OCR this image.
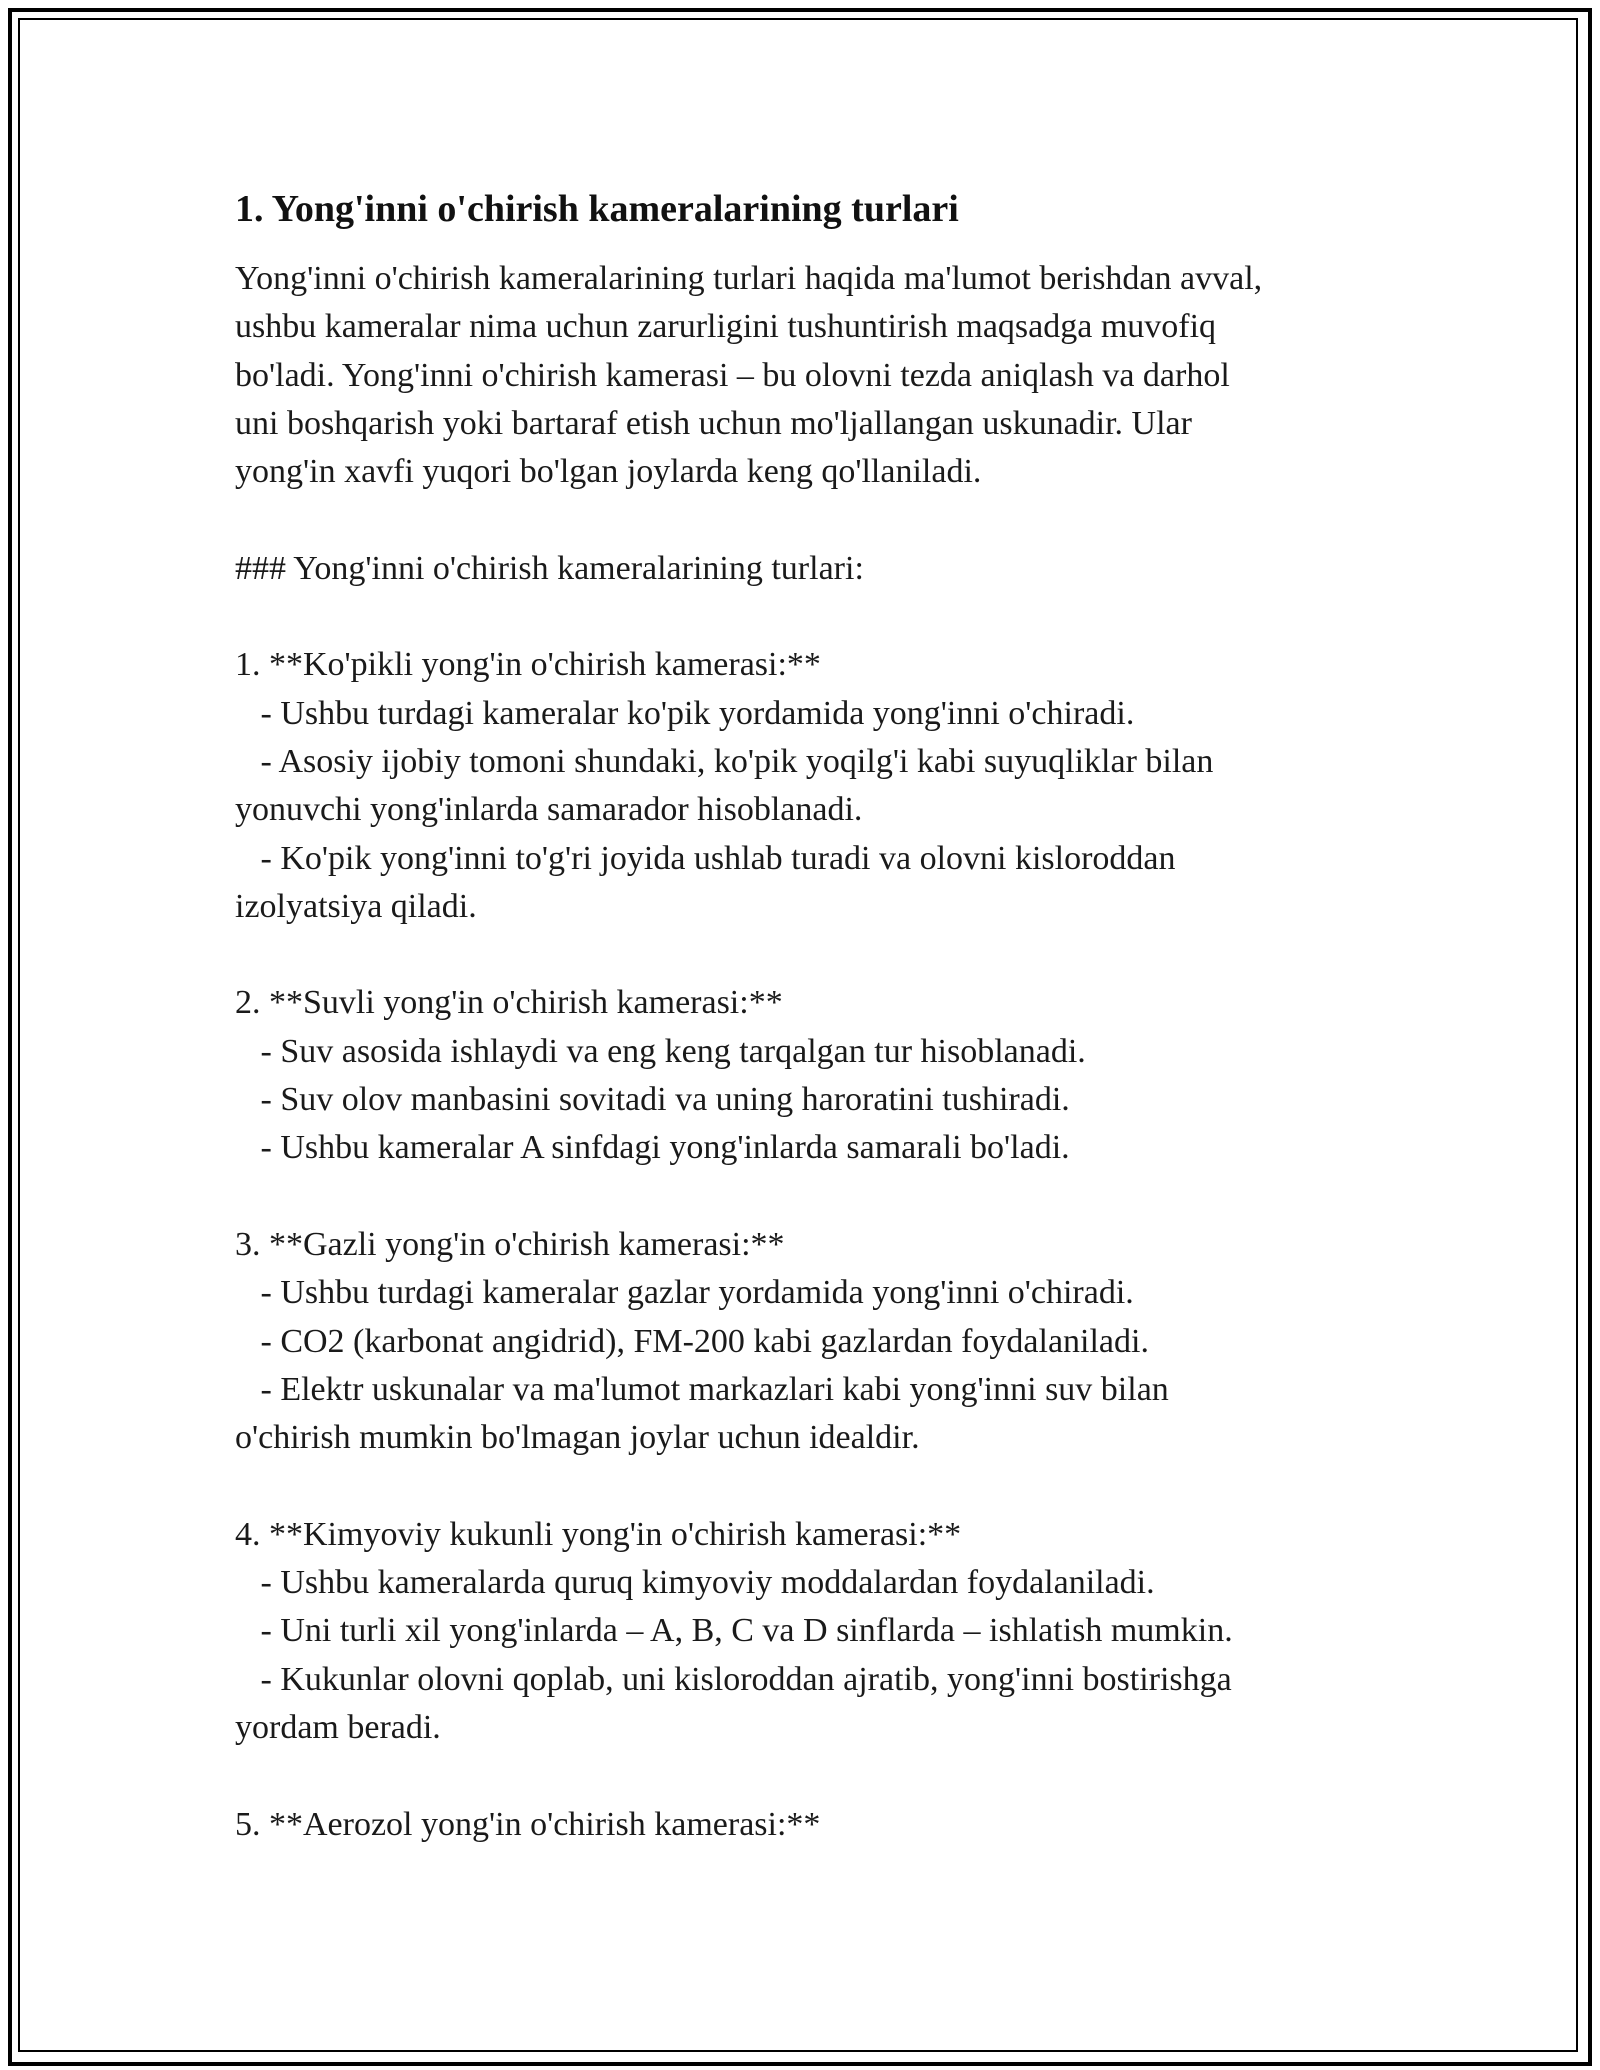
1. Yong'inni o'chirish kameralarining turlari
Yong'inni o'chirish kameralarining turlari haqida ma'lumot berishdan avval,
ushbu kameralar nima uchun zarurligini tushuntirish maqsadga muvofiq
bo'ladi. Yong'inni o'chirish kamerasi – bu olovni tezda aniqlash va darhol
uni boshqarish yoki bartaraf etish uchun mo'ljallangan uskunadir. Ular
yong'in xavfi yuqori bo'lgan joylarda keng qo'llaniladi.
### Yong'inni o'chirish kameralarining turlari:
1. **Ko'pikli yong'in o'chirish kamerasi:**
- Ushbu turdagi kameralar ko'pik yordamida yong'inni o'chiradi.
- Asosiy ijobiy tomoni shundaki, ko'pik yoqilg'i kabi suyuqliklar bilan
yonuvchi yong'inlarda samarador hisoblanadi.
- Ko'pik yong'inni to'g'ri joyida ushlab turadi va olovni kisloroddan
izolyatsiya qiladi.
2. **Suvli yong'in o'chirish kamerasi:**
- Suv asosida ishlaydi va eng keng tarqalgan tur hisoblanadi.
- Suv olov manbasini sovitadi va uning haroratini tushiradi.
- Ushbu kameralar A sinfdagi yong'inlarda samarali bo'ladi.
3. **Gazli yong'in o'chirish kamerasi:**
- Ushbu turdagi kameralar gazlar yordamida yong'inni o'chiradi.
- CO2 (karbonat angidrid), FM-200 kabi gazlardan foydalaniladi.
- Elektr uskunalar va ma'lumot markazlari kabi yong'inni suv bilan
o'chirish mumkin bo'lmagan joylar uchun idealdir.
4. **Kimyoviy kukunli yong'in o'chirish kamerasi:**
- Ushbu kameralarda quruq kimyoviy moddalardan foydalaniladi.
- Uni turli xil yong'inlarda – A, B, C va D sinflarda – ishlatish mumkin.
- Kukunlar olovni qoplab, uni kisloroddan ajratib, yong'inni bostirishga
yordam beradi.
5. **Aerozol yong'in o'chirish kamerasi:**
